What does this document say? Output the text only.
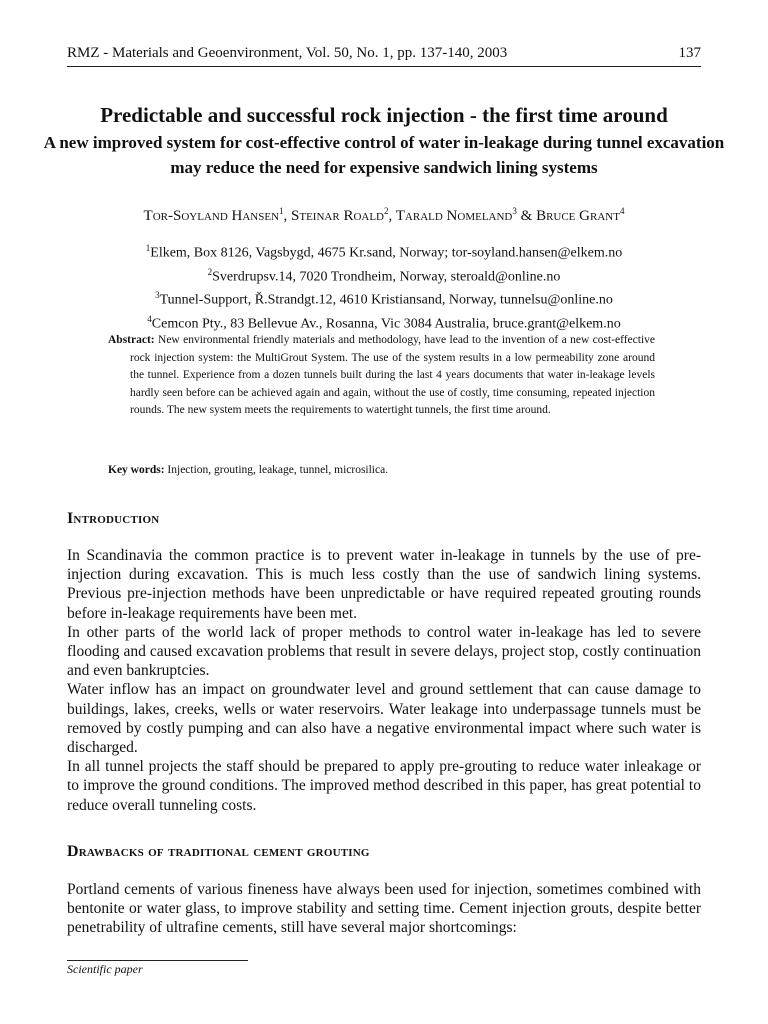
RMZ - Materials and Geoenvironment, Vol. 50, No. 1, pp. 137-140, 2003	137
Predictable and successful rock injection - the first time around
A new improved system for cost-effective control of water in-leakage during tunnel excavation may reduce the need for expensive sandwich lining systems
Tor-Soyland Hansen$^1$, Steinar Roald$^2$, Tarald Nomeland$^3$ & Bruce Grant$^4$
$^1$Elkem, Box 8126, Vagsbygd, 4675 Kr.sand, Norway; tor-soyland.hansen@elkem.no
$^2$Sverdrupsv.14, 7020 Trondheim, Norway, steroald@online.no
$^3$Tunnel-Support, Ř.Strandgt.12, 4610 Kristiansand, Norway, tunnelsu@online.no
$^4$Cemcon Pty., 83 Bellevue Av., Rosanna, Vic 3084 Australia, bruce.grant@elkem.no
Abstract: New environmental friendly materials and methodology, have lead to the invention of a new cost-effective rock injection system: the MultiGrout System. The use of the system results in a low permeability zone around the tunnel. Experience from a dozen tunnels built during the last 4 years documents that water in-leakage levels hardly seen before can be achieved again and again, without the use of costly, time consuming, repeated injection rounds. The new system meets the requirements to watertight tunnels, the first time around.
Key words: Injection, grouting, leakage, tunnel, microsilica.
Introduction

In Scandinavia the common practice is to prevent water in-leakage in tunnels by the use of pre-injection during excavation. This is much less costly than the use of sandwich lining systems. Previous pre-injection methods have been unpredictable or have required repeated grouting rounds before in-leakage requirements have been met.

In other parts of the world lack of proper methods to control water in-leakage has led to severe flooding and caused excavation problems that result in severe delays, project stop, costly continuation and even bankruptcies.

Water inflow has an impact on groundwater level and ground settlement that can cause damage to buildings, lakes, creeks, wells or water reservoirs. Water leakage into underpassage tunnels must be removed by costly pumping and can also have a negative environmental impact where such water is discharged.

In all tunnel projects the staff should be prepared to apply pre-grouting to reduce water inleakage or to improve the ground conditions. The improved method described in this paper, has great potential to reduce overall tunneling costs.

Drawbacks of traditional cement grouting

Portland cements of various fineness have always been used for injection, sometimes combined with bentonite or water glass, to improve stability and setting time. Cement injection grouts, despite better penetrability of ultrafine cements, still have several major shortcomings:

Scientific paper
